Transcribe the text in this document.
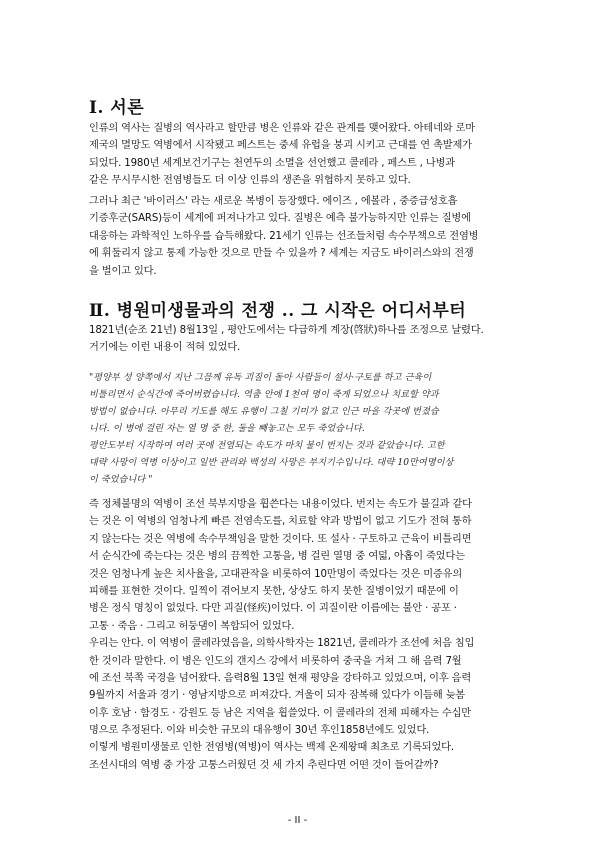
Ⅰ. 서론
인류의 역사는 질병의 역사라고 할만큼 병은 인류와 같은 관계를 맺어왔다. 아테네와 로마
제국의 멸망도 역병에서 시작됐고 페스트는 중세 유럽을 붕괴 시키고 근대를 연 촉발제가
되었다. 1980년 세계보건기구는 천연두의 소멸을 선언했고 콜레라 , 페스트 , 나병과
같은 무시무시한 전염병들도 더 이상 인류의 생존을 위협하지 못하고 있다.
그러나 최근 '바이러스' 라는 새로운 복병이 등장했다. 에이즈 , 에볼라 , 중증급성호흡
기증후군(SARS)등이 세계에 퍼져나가고 있다. 질병은 예측 불가능하지만 인류는 질병에
대응하는 과학적인 노하우를 습득해왔다. 21세기 인류는 선조들처럼 속수무책으로 전염병
에 휘둘리지 않고 통제 가능한 것으로 만들 수 있을까 ? 세계는 지금도 바이러스와의 전쟁
을 벌이고 있다.
Ⅱ. 병원미생물과의 전쟁 .. 그 시작은 어디서부터
1821년(순조 21년) 8월13일 , 평안도에서는 다급하게 계장(啓狀)하나를 조정으로 날렸다.
거기에는 이런 내용이 적혀 있었다.
"평양부 성 양쪽에서 지난 그믐께 유독 괴질이 돌아 사람들이 설사·구토를 하고 근육이
비틀리면서 순식간에 죽어버렸습니다. 역춤 안에 1천여 명이 죽게 되었으나 치료할 약과
방법이 없습니다. 아무리 기도를 해도 유행이 그칠 기미가 없고 인근 마을 각곳에 번졌습
니다. 이 병에 걸린 자는 열 명 중 한, 둘을 빼놓고는 모두 죽었습니다.
평안도부터 시작하여 여러 곳에 전염되는 속도가 마치 불이 번지는 것과 같았습니다. 고한
대략 사망이 역병 이상이고 일반 관리와 백성의 사망은 부지기수입니다. 대략 10만여명이상
이 죽었습니다 "
즉 정체불명의 역병이 조선 북부지방을 휩쓴다는 내용이었다. 번지는 속도가 불길과 같다
는 것은 이 역병의 엄청나게 빠른 전염속도를, 치료할 약과 방법이 없고 기도가 전혀 통하
지 않는다는 것은 역병에 속수무책임을 말한 것이다. 또 설사 · 구토하고 근육이 비틀리면
서 순식간에 죽는다는 것은 병의 끔찍한 고통을, 병 걸린 열명 중 여덟, 아홉이 죽었다는
것은 엄청나게 높은 치사율을, 고대관작을 비롯하여 10만명이 죽었다는 것은 미증유의
피해를 표현한 것이다. 일찍이 겪어보지 못한, 상상도 하지 못한 질병이었기 때문에 이
병은 정식 명칭이 없었다. 다만 괴질(怪疾)이었다. 이 괴질이란 이름에는 불안 · 공포 ·
고통 · 죽음 · 그리고 허둥댐이 복합되어 있었다.
우리는 안다. 이 역병이 콜레라였음을, 의학사학자는 1821년, 콜레라가 조선에 처음 침입
한 것이라 말한다. 이 병은 인도의 갠지스 강에서 비롯하여 중국을 거쳐 그 해 음력 7월
에 조선 북쪽 국경을 넘어왔다. 음력8월 13일 현재 평양을 강타하고 있었으며, 이후 음력
9월까지 서울과 경기 · 영남지방으로 퍼져갔다. 겨울이 되자 잠복해 있다가 이듬해 늦봄
이후 호남 · 함경도 · 강원도 등 남은 지역을 휩쓸었다. 이 콜레라의 전체 피해자는 수십만
명으로 추정된다. 이와 비슷한 규모의 대유행이 30년 후인1858년에도 있었다.
이렇게 병원미생물로 인한 전염병(역병)이 역사는 백제 온제왕때 최초로 기록되었다.
조선시대의 역병 중 가장 고통스러웠던 것 세 가지 추린다면 어떤 것이 들어갈까?
- II -
